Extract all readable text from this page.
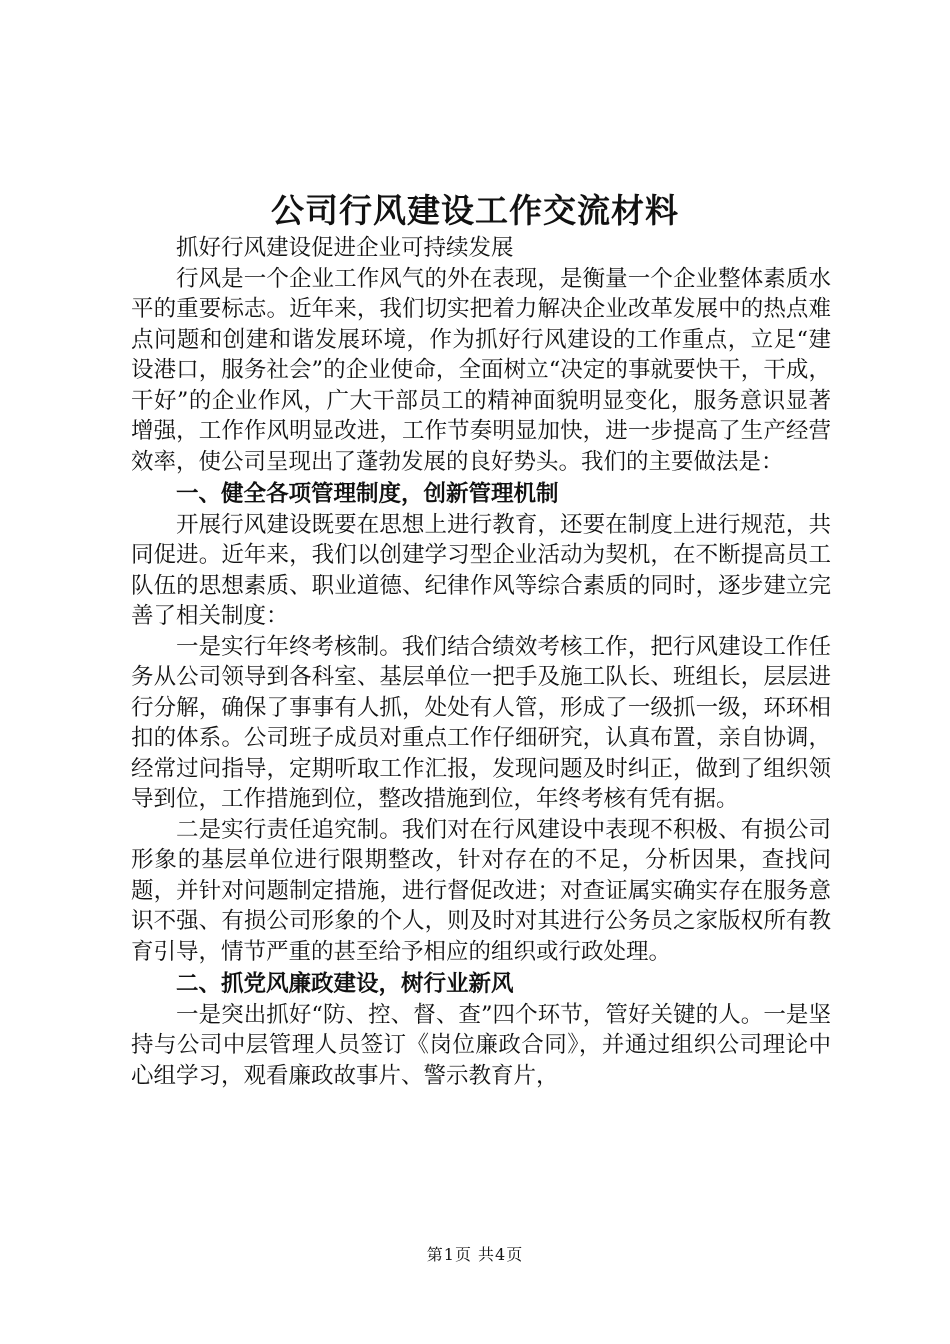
公司行风建设工作交流材料

抓好行风建设促进企业可持续发展

行风是一个企业工作风气的外在表现，是衡量一个企业整体素质水平的重要标志。近年来，我们切实把着力解决企业改革发展中的热点难点问题和创建和谐发展环境，作为抓好行风建设的工作重点，立足“建设港口，服务社会”的企业使命，全面树立“决定的事就要快干，干成，干好”的企业作风，广大干部员工的精神面貌明显变化，服务意识显著增强，工作作风明显改进，工作节奏明显加快，进一步提高了生产经营效率，使公司呈现出了蓬勃发展的良好势头。我们的主要做法是：

一、健全各项管理制度，创新管理机制

开展行风建设既要在思想上进行教育，还要在制度上进行规范，共同促进。近年来，我们以创建学习型企业活动为契机，在不断提高员工队伍的思想素质、职业道德、纪律作风等综合素质的同时，逐步建立完善了相关制度：

一是实行年终考核制。我们结合绩效考核工作，把行风建设工作任务从公司领导到各科室、基层单位一把手及施工队长、班组长，层层进行分解，确保了事事有人抓，处处有人管，形成了一级抓一级，环环相扣的体系。公司班子成员对重点工作仔细研究，认真布置，亲自协调，经常过问指导，定期听取工作汇报，发现问题及时纠正，做到了组织领导到位，工作措施到位，整改措施到位，年终考核有凭有据。

二是实行责任追究制。我们对在行风建设中表现不积极、有损公司形象的基层单位进行限期整改，针对存在的不足，分析因果，查找问题，并针对问题制定措施，进行督促改进；对查证属实确实存在服务意识不强、有损公司形象的个人，则及时对其进行公务员之家版权所有教育引导，情节严重的甚至给予相应的组织或行政处理。

二、抓党风廉政建设，树行业新风

一是突出抓好“防、控、督、查”四个环节，管好关键的人。一是坚持与公司中层管理人员签订《岗位廉政合同》，并通过组织公司理论中心组学习，观看廉政故事片、警示教育片，

第1页 共4页
